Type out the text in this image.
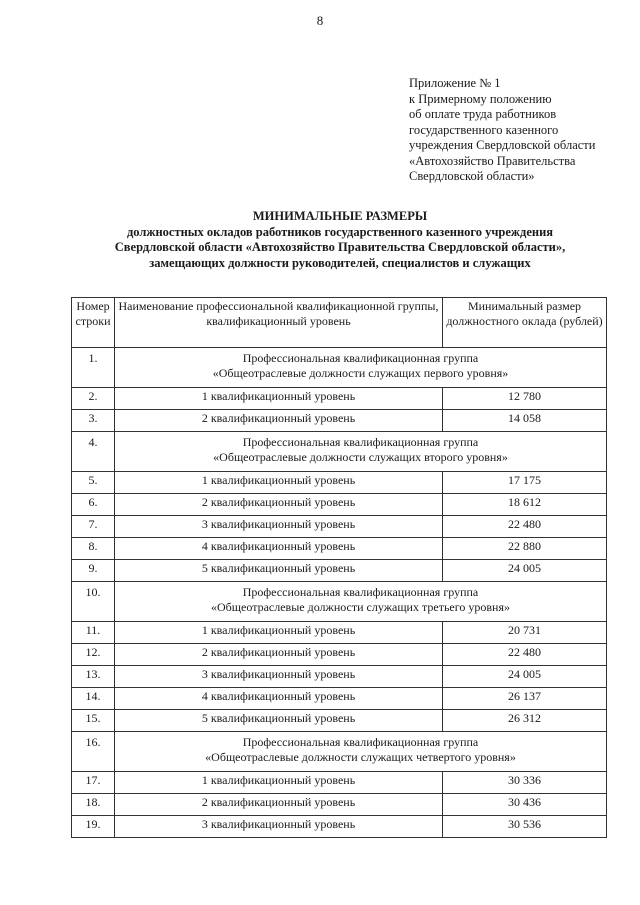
8
Приложение № 1
к Примерному положению
об оплате труда работников
государственного казенного
учреждения Свердловской области
«Автохозяйство Правительства
Свердловской области»
МИНИМАЛЬНЫЕ РАЗМЕРЫ
должностных окладов работников государственного казенного учреждения
Свердловской области «Автохозяйство Правительства Свердловской области»,
замещающих должности руководителей, специалистов и служащих
Номер строки	Наименование профессиональной квалификационной группы, квалификационный уровень	Минимальный размер должностного оклада (рублей)
1.	Профессиональная квалификационная группа
«Общеотраслевые должности служащих первого уровня»	

2.	1 квалификационный уровень	12 780
3.	2 квалификационный уровень	14 058
4.	Профессиональная квалификационная группа
«Общеотраслевые должности служащих второго уровня»	

5.	1 квалификационный уровень	17 175
6.	2 квалификационный уровень	18 612
7.	3 квалификационный уровень	22 480
8.	4 квалификационный уровень	22 880
9.	5 квалификационный уровень	24 005
10.	Профессиональная квалификационная группа
«Общеотраслевые должности служащих третьего уровня»	

11.	1 квалификационный уровень	20 731
12.	2 квалификационный уровень	22 480
13.	3 квалификационный уровень	24 005
14.	4 квалификационный уровень	26 137
15.	5 квалификационный уровень	26 312
16.	Профессиональная квалификационная группа
«Общеотраслевые должности служащих четвертого уровня»	

17.	1 квалификационный уровень	30 336
18.	2 квалификационный уровень	30 436
19.	3 квалификационный уровень	30 536
